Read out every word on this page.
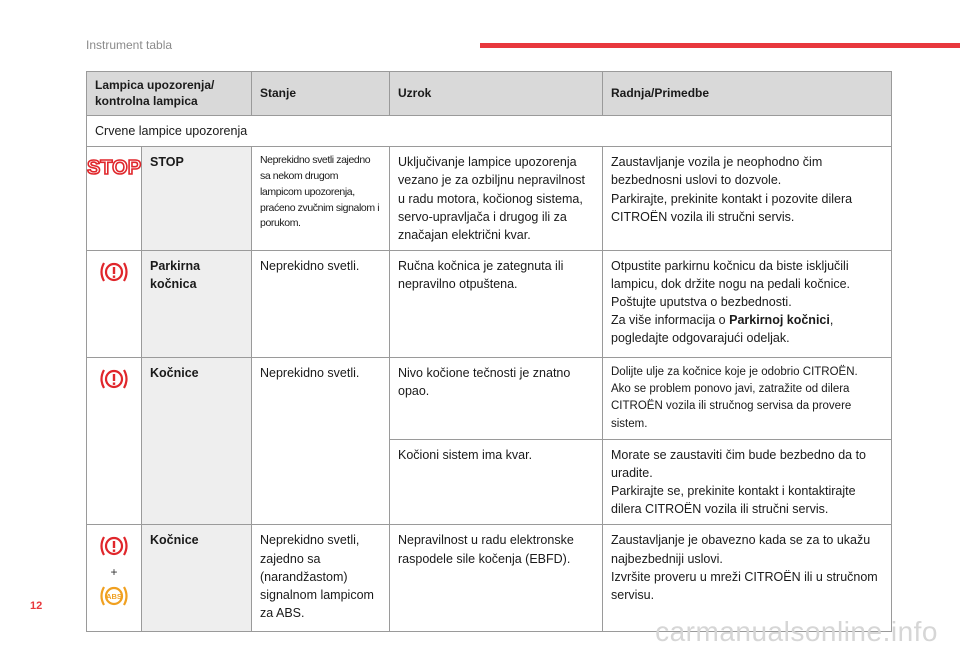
Instrument tabla
Lampica upozorenja/ kontrolna lampica		Stanje	Uzrok	Radnja/Primedbe
Crvene lampice upozorenja				

STOP	STOP	Neprekidno svetli zajedno sa nekom drugom lampicom upozorenja, praćeno zvučnim signalom i porukom.	Uključivanje lampice upozorenja vezano je za ozbiljnu nepravilnost u radu motora, kočionog sistema, servo-upravljača i drugog ili za značajan električni kvar.	Zaustavljanje vozila je neophodno čim bezbednosni uslovi to dozvole.
Parkirajte, prekinite kontakt i pozovite dilera CITROËN vozila ili stručni servis.

	Parkirna kočnica	Neprekidno svetli.	Ručna kočnica je zategnuta ili nepravilno otpuštena.	Otpustite parkirnu kočnicu da biste isključili lampicu, dok držite nogu na pedali kočnice.
Poštujte uputstva o bezbednosti.
Za više informacija o Parkirnoj kočnici, pogledajte odgovarajući odeljak.

	Kočnice	Neprekidno svetli.	Nivo kočione tečnosti je znatno opao.	Dolijte ulje za kočnice koje je odobrio CITROËN.
Ako se problem ponovo javi, zatražite od dilera CITROËN vozila ili stručnog servisa da provere sistem.
			Kočioni sistem ima kvar.	Morate se zaustaviti čim bude bezbedno da to uradite.
Parkirajte se, prekinite kontakt i kontaktirajte dilera CITROËN vozila ili stručni servis.

+
ABS	Kočnice	Neprekidno svetli, zajedno sa (narandžastom) signalnom lampicom za ABS.	Nepravilnost u radu elektronske raspodele sile kočenja (EBFD).	Zaustavljanje je obavezno kada se za to ukažu najbezbedniji uslovi.
Izvršite proveru u mreži CITROËN ili u stručnom servisu.
12
carmanualsonline.info
